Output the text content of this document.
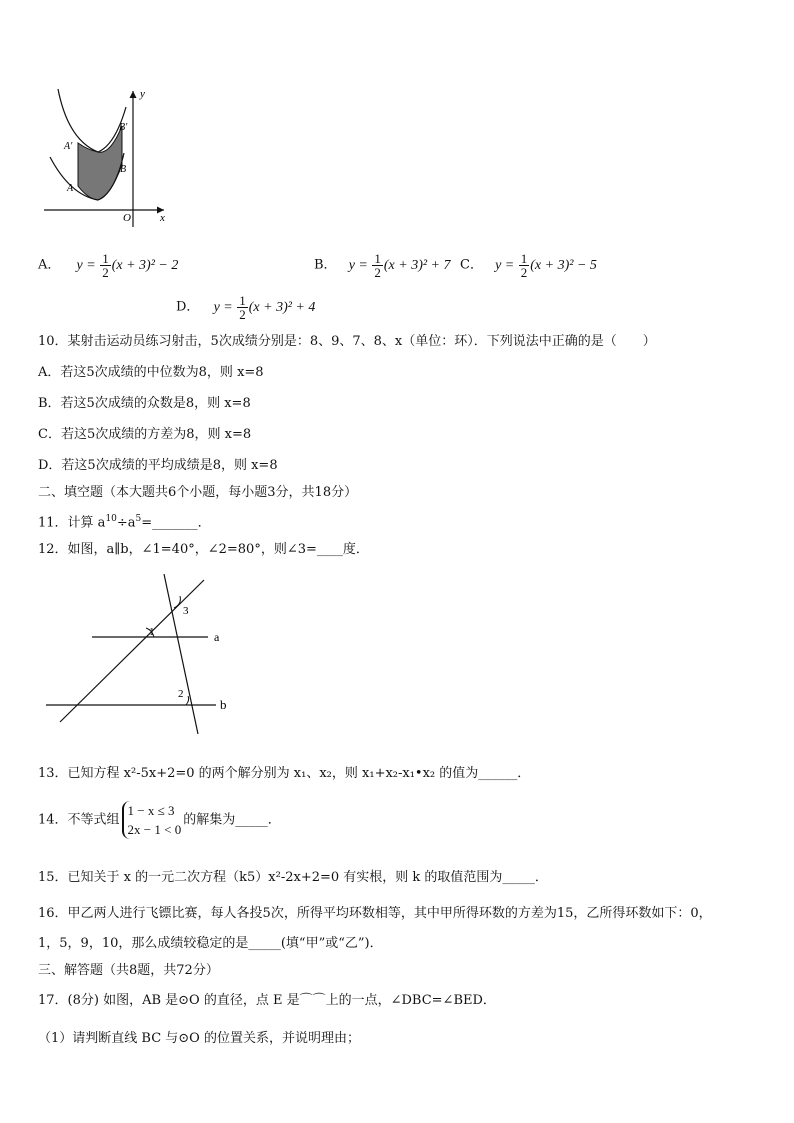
y
x
O
A
A′
B
B′
A． $y = \frac{1}{2} (x + 3)^2 - 2$	B． $y = \frac{1}{2} (x + 3)^2 + 7$ C． $y = \frac{1}{2} (x + 3)^2 - 5$
D． $y = \frac{1}{2} (x + 3)^2 + 4$
10．某射击运动员练习射击，5次成绩分别是：8、9、7、8、x（单位：环）．下列说法中正确的是（　　）
A．若这5次成绩的中位数为8，则 x=8
B．若这5次成绩的众数是8，则 x=8
C．若这5次成绩的方差为8，则 x=8
D．若这5次成绩的平均成绩是8，则 x=8
二、填空题（本大题共6个小题，每小题3分，共18分）
11．计算 $a^{10}\div a^5=\_\_\_\_\_\_\_$．
12．如图，a∥b，∠1=40°，∠2=80°，则∠3=____度．
1
2
3
a
b
13．已知方程 x²-5x+2=0 的两个解分别为 x₁、x₂，则 x₁+x₂-x₁•x₂ 的值为______．
14．不等式组
1 − x ≤ 3
2x − 1 < 0
的解集为_____．
15．已知关于 x 的一元二次方程（k5）x²-2x+2=0 有实根，则 k 的取值范围为_____．
16．甲乙两人进行飞镖比赛，每人各投5次，所得平均环数相等，其中甲所得环数的方差为15，乙所得环数如下：0，
1，5，9，10，那么成绩较稳定的是_____(填“甲”或“乙”)．
三、解答题（共8题，共72分）
17．(8分) 如图，AB 是⊙O 的直径，点 E 是⌒⌒上的一点，∠DBC=∠BED．
（1）请判断直线 BC 与⊙O 的位置关系，并说明理由；
